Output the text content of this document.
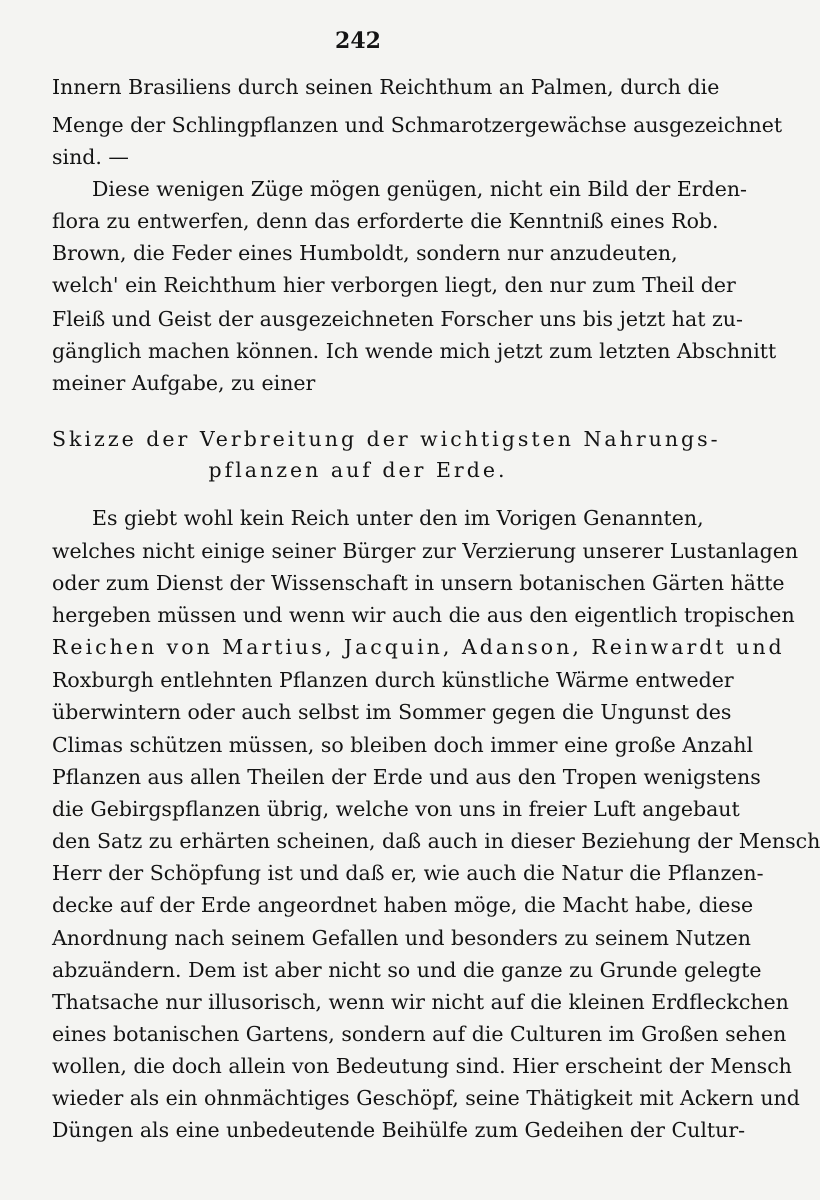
242
Innern Brasiliens durch seinen Reichthum an Palmen, durch die
Menge der Schlingpflanzen und Schmarotzergewächse ausgezeichnet
sind. —
Diese wenigen Züge mögen genügen, nicht ein Bild der Erden-
flora zu entwerfen, denn das erforderte die Kenntniß eines Rob.
Brown, die Feder eines Humboldt, sondern nur anzudeuten,
welch' ein Reichthum hier verborgen liegt, den nur zum Theil der
Fleiß und Geist der ausgezeichneten Forscher uns bis jetzt hat zu-
gänglich machen können. Ich wende mich jetzt zum letzten Abschnitt
meiner Aufgabe, zu einer
Skizze der Verbreitung der wichtigsten Nahrungs-
pflanzen auf der Erde.
Es giebt wohl kein Reich unter den im Vorigen Genannten,
welches nicht einige seiner Bürger zur Verzierung unserer Lustanlagen
oder zum Dienst der Wissenschaft in unsern botanischen Gärten hätte
hergeben müssen und wenn wir auch die aus den eigentlich tropischen
Reichen von Martius, Jacquin, Adanson, Reinwardt und
Roxburgh entlehnten Pflanzen durch künstliche Wärme entweder
überwintern oder auch selbst im Sommer gegen die Ungunst des
Climas schützen müssen, so bleiben doch immer eine große Anzahl
Pflanzen aus allen Theilen der Erde und aus den Tropen wenigstens
die Gebirgspflanzen übrig, welche von uns in freier Luft angebaut
den Satz zu erhärten scheinen, daß auch in dieser Beziehung der Mensch
Herr der Schöpfung ist und daß er, wie auch die Natur die Pflanzen-
decke auf der Erde angeordnet haben möge, die Macht habe, diese
Anordnung nach seinem Gefallen und besonders zu seinem Nutzen
abzuändern. Dem ist aber nicht so und die ganze zu Grunde gelegte
Thatsache nur illusorisch, wenn wir nicht auf die kleinen Erdfleckchen
eines botanischen Gartens, sondern auf die Culturen im Großen sehen
wollen, die doch allein von Bedeutung sind. Hier erscheint der Mensch
wieder als ein ohnmächtiges Geschöpf, seine Thätigkeit mit Ackern und
Düngen als eine unbedeutende Beihülfe zum Gedeihen der Cultur-
